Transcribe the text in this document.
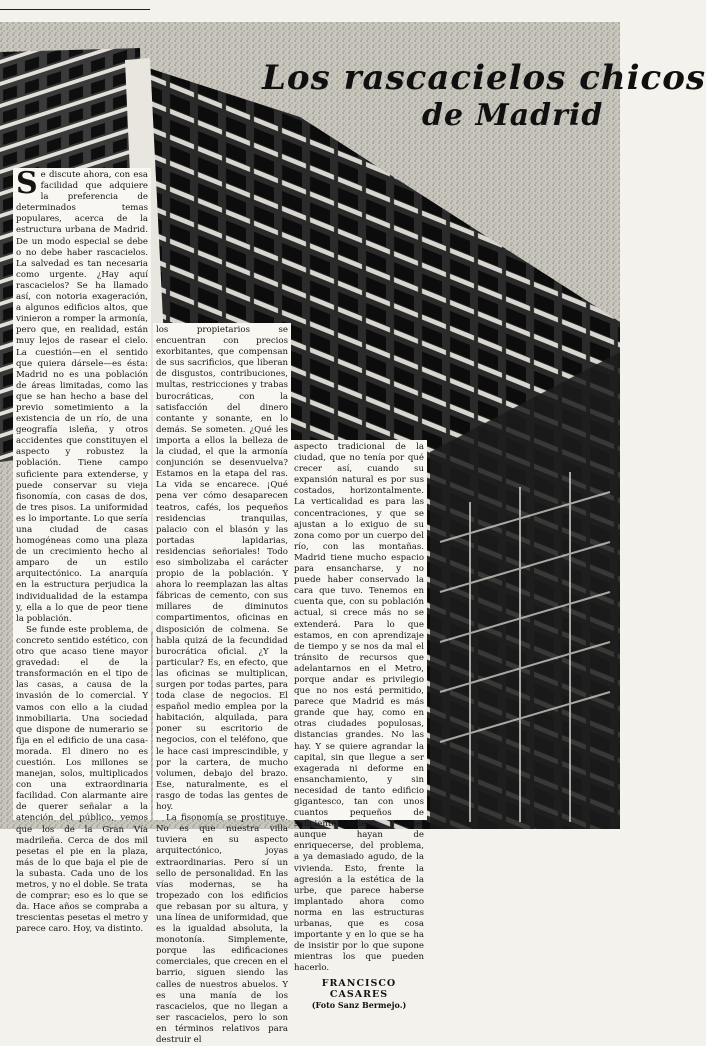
Los rascacielos chicos
de Madrid
S e discute ahora, con esa facilidad que adquiere la preferencia de determinados temas populares, acerca de la estructura urbana de Madrid. De un modo especial se debe o no debe haber rascacielos. La salvedad es tan necesaria como urgente. ¿Hay aquí rascacielos? Se ha llamado así, con notoria exageración, a algunos edificios altos, que vinieron a romper la armonía, pero que, en realidad, están muy lejos de rasear el cielo. La cuestión—en el sentido que quiera dársele—es ésta: Madrid no es una población de áreas limitadas, como las que se han hecho a base del previo sometimiento a la existencia de un río, de una geografía isleña, y otros accidentes que constituyen el aspecto y robustez la población. Tiene campo suficiente para extenderse, y puede conservar su vieja fisonomía, con casas de dos, de tres pisos. La uniformidad es lo importante. Lo que sería una ciudad de casas homogéneas como una plaza de un crecimiento hecho al amparo de un estilo arquitectónico. La anarquía en la estructura perjudica la individualidad de la estampa y, ella a lo que de peor tiene la población.

Se funde este problema, de concreto sentido estético, con otro que acaso tiene mayor gravedad: el de la transformación en el tipo de las casas, a causa de la invasión de lo comercial. Y vamos con ello a la ciudad inmobiliaria. Una sociedad que dispone de numerario se fija en el edificio de una casa-morada. El dinero no es cuestión. Los millones se manejan, solos, multiplicados con una extraordinaria facilidad. Con alarmante aire de querer señalar a la atención del público, vemos que los de la Gran Vía madrileña. Cerca de dos mil pesetas el pie en la plaza, más de lo que baja el pie de la subasta. Cada uno de los metros, y no el doble. Se trata de comprar; eso es lo que se da. Hace años se compraba a trescientas pesetas el metro y parece caro. Hoy, va distinto.

los propietarios se encuentran con precios exorbitantes, que compensan de sus sacrificios, que liberan de disgustos, contribuciones, multas, restricciones y trabas burocráticas, con la satisfacción del dinero contante y sonante, en lo demás. Se someten. ¿Qué les importa a ellos la belleza de la ciudad, el que la armonía conjunción se desenvuelva? Estamos en la etapa del ras. La vida se encarece. ¡Qué pena ver cómo desaparecen teatros, cafés, los pequeños residencias tranquilas, palacio con el blasón y las portadas lapidarias, residencias señoriales! Todo eso simbolizaba el carácter propio de la población. Y ahora lo reemplazan las altas fábricas de cemento, con sus millares de diminutos compartimentos, oficinas en disposición de colmena. Se habla quizá de la fecundidad burocrática oficial. ¿Y la particular? Es, en efecto, que las oficinas se multiplican, surgen por todas partes, para toda clase de negocios. El español medio emplea por la habitación, alquilada, para poner su escritorio de negocios, con el teléfono, que le hace casi imprescindible, y por la cartera, de mucho volumen, debajo del brazo. Ese, naturalmente, es el rasgo de todas las gentes de hoy.

La fisonomía se prostituye. No es que nuestra villa tuviera en su aspecto arquitectónico, joyas extraordinarias. Pero sí un sello de personalidad. En las vías modernas, se ha tropezado con los edificios que rebasan por su altura, y una línea de uniformidad, que es la igualdad absoluta, la monotonía. Simplemente, porque las edificaciones comerciales, que crecen en el barrio, siguen siendo las calles de nuestros abuelos. Y es una manía de los rascacielos, que no llegan a ser rascacielos, pero lo son en términos relativos para destruir el

aspecto tradicional de la ciudad, que no tenía por qué crecer así, cuando su expansión natural es por sus costados, horizontalmente. La verticalidad es para las concentraciones, y que se ajustan a lo exiguo de su zona como por un cuerpo del río, con las montañas. Madrid tiene mucho espacio para ensancharse, y no puede haber conservado la cara que tuvo. Tenemos en cuenta que, con su población actual, si crece más no se extenderá. Para lo que estamos, en con aprendizaje de tiempo y se nos da mal el tránsito de recursos que adelantarnos en el Metro, porque andar es privilegio que no nos está permitido, parece que Madrid es más grande que hay, como en otras ciudades populosas, distancias grandes. No las hay. Y se quiere agrandar la capital, sin que llegue a ser exagerada ni deforme en ensanchamiento, y sin necesidad de tanto edificio gigantesco, tan con unos cuantos pequeños de suficiente relleno, y que, aunque hayan de enriquecerse, del problema, a ya demasiado agudo, de la vivienda. Esto, frente la agresión a la estética de la urbe, que parece haberse implantado ahora como norma en las estructuras urbanas, que es cosa importante y en lo que se ha de insistir por lo que supone mientras los que pueden hacerlo.

FRANCISCO CASARES
(Foto Sanz Bermejo.)
